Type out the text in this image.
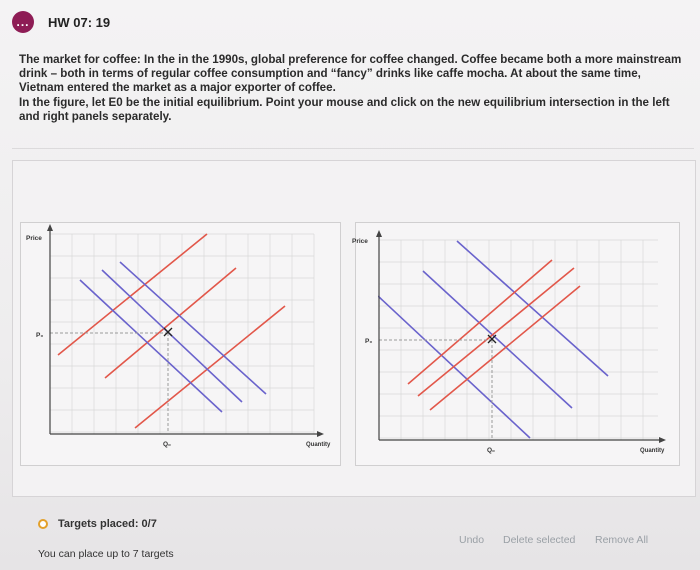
...	HW 07: 19

The market for coffee: In the in the 1990s, global preference for coffee changed. Coffee became both a more mainstream drink – both in terms of regular coffee consumption and “fancy” drinks like caffe mocha. At about the same time, Vietnam entered the market as a major exporter of coffee.

In the figure, let E0 be the initial equilibrium. Point your mouse and click on the new equilibrium intersection in the left and right panels separately.

Price
Quantity
P₀
Q₀
Price
Quantity
P₀
Q₀
Targets placed: 0/7
You can place up to 7 targets
Undo Delete selected Remove All
